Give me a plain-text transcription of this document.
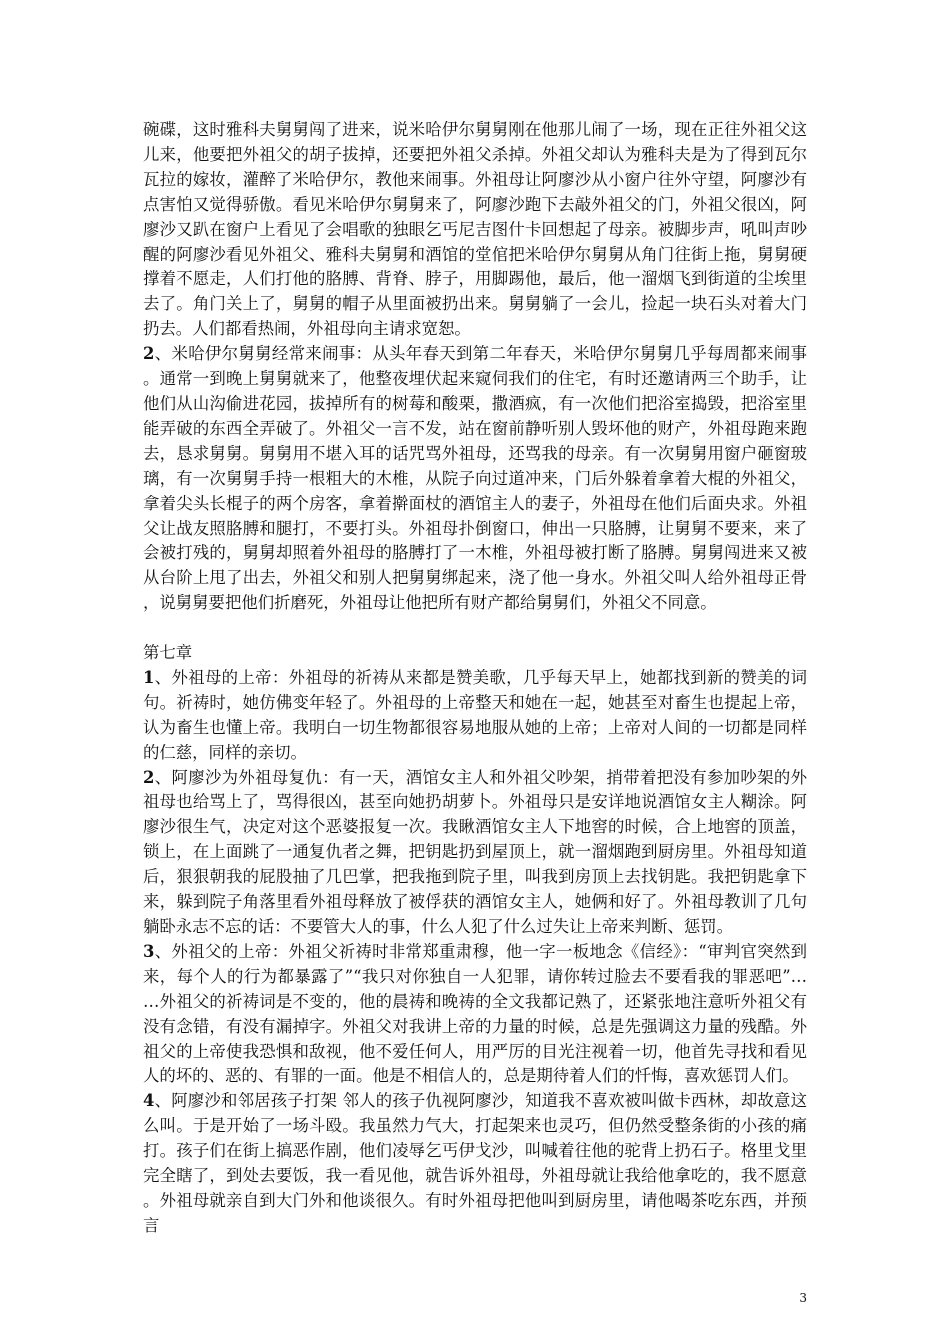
碗碟，这时雅科夫舅舅闯了进来，说米哈伊尔舅舅刚在他那儿闹了一场，现在正往外祖父这儿来，他要把外祖父的胡子拔掉，还要把外祖父杀掉。外祖父却认为雅科夫是为了得到瓦尔瓦拉的嫁妆，灌醉了米哈伊尔，教他来闹事。外祖母让阿廖沙从小窗户往外守望，阿廖沙有点害怕又觉得骄傲。看见米哈伊尔舅舅来了，阿廖沙跑下去敲外祖父的门，外祖父很凶，阿廖沙又趴在窗户上看见了会唱歌的独眼乞丐尼吉图什卡回想起了母亲。被脚步声，吼叫声吵醒的阿廖沙看见外祖父、雅科夫舅舅和酒馆的堂倌把米哈伊尔舅舅从角门往街上拖，舅舅硬撑着不愿走，人们打他的胳膊、背脊、脖子，用脚踢他，最后，他一溜烟飞到街道的尘埃里去了。角门关上了，舅舅的帽子从里面被扔出来。舅舅躺了一会儿，捡起一块石头对着大门扔去。人们都看热闹，外祖母向主请求宽恕。

2、米哈伊尔舅舅经常来闹事：从头年春天到第二年春天，米哈伊尔舅舅几乎每周都来闹事。通常一到晚上舅舅就来了，他整夜埋伏起来窥伺我们的住宅，有时还邀请两三个助手，让他们从山沟偷进花园，拔掉所有的树莓和酸栗，撒酒疯，有一次他们把浴室捣毁，把浴室里能弄破的东西全弄破了。外祖父一言不发，站在窗前静听别人毁坏他的财产，外祖母跑来跑去，恳求舅舅。舅舅用不堪入耳的话咒骂外祖母，还骂我的母亲。有一次舅舅用窗户砸窗玻璃，有一次舅舅手持一根粗大的木椎，从院子向过道冲来，门后外躲着拿着大棍的外祖父，拿着尖头长棍子的两个房客，拿着擀面杖的酒馆主人的妻子，外祖母在他们后面央求。外祖父让战友照胳膊和腿打，不要打头。外祖母扑倒窗口，伸出一只胳膊，让舅舅不要来，来了会被打残的，舅舅却照着外祖母的胳膊打了一木椎，外祖母被打断了胳膊。舅舅闯进来又被从台阶上甩了出去，外祖父和别人把舅舅绑起来，浇了他一身水。外祖父叫人给外祖母正骨，说舅舅要把他们折磨死，外祖母让他把所有财产都给舅舅们，外祖父不同意。

第七章

1、外祖母的上帝：外祖母的祈祷从来都是赞美歌，几乎每天早上，她都找到新的赞美的词句。祈祷时，她仿佛变年轻了。外祖母的上帝整天和她在一起，她甚至对畜生也提起上帝，认为畜生也懂上帝。我明白一切生物都很容易地服从她的上帝；上帝对人间的一切都是同样的仁慈，同样的亲切。

2、阿廖沙为外祖母复仇：有一天，酒馆女主人和外祖父吵架，捎带着把没有参加吵架的外祖母也给骂上了，骂得很凶，甚至向她扔胡萝卜。外祖母只是安详地说酒馆女主人糊涂。阿廖沙很生气，决定对这个恶婆报复一次。我瞅酒馆女主人下地窖的时候，合上地窖的顶盖，锁上，在上面跳了一通复仇者之舞，把钥匙扔到屋顶上，就一溜烟跑到厨房里。外祖母知道后，狠狠朝我的屁股抽了几巴掌，把我拖到院子里，叫我到房顶上去找钥匙。我把钥匙拿下来，躲到院子角落里看外祖母释放了被俘获的酒馆女主人，她俩和好了。外祖母教训了几句躺卧永志不忘的话：不要管大人的事，什么人犯了什么过失让上帝来判断、惩罚。

3、外祖父的上帝：外祖父祈祷时非常郑重肃穆，他一字一板地念《信经》：“审判官突然到来，每个人的行为都暴露了”“我只对你独自一人犯罪，请你转过脸去不要看我的罪恶吧”……外祖父的祈祷词是不变的，他的晨祷和晚祷的全文我都记熟了，还紧张地注意听外祖父有没有念错，有没有漏掉字。外祖父对我讲上帝的力量的时候，总是先强调这力量的残酷。外祖父的上帝使我恐惧和敌视，他不爱任何人，用严厉的目光注视着一切，他首先寻找和看见人的坏的、恶的、有罪的一面。他是不相信人的，总是期待着人们的忏悔，喜欢惩罚人们。

4、阿廖沙和邻居孩子打架 邻人的孩子仇视阿廖沙，知道我不喜欢被叫做卡西林，却故意这么叫。于是开始了一场斗殴。我虽然力气大，打起架来也灵巧，但仍然受整条街的小孩的痛打。孩子们在街上搞恶作剧，他们凌辱乞丐伊戈沙，叫喊着往他的驼背上扔石子。格里戈里完全瞎了，到处去要饭，我一看见他，就告诉外祖母，外祖母就让我给他拿吃的，我不愿意。外祖母就亲自到大门外和他谈很久。有时外祖母把他叫到厨房里，请他喝茶吃东西，并预言

3
